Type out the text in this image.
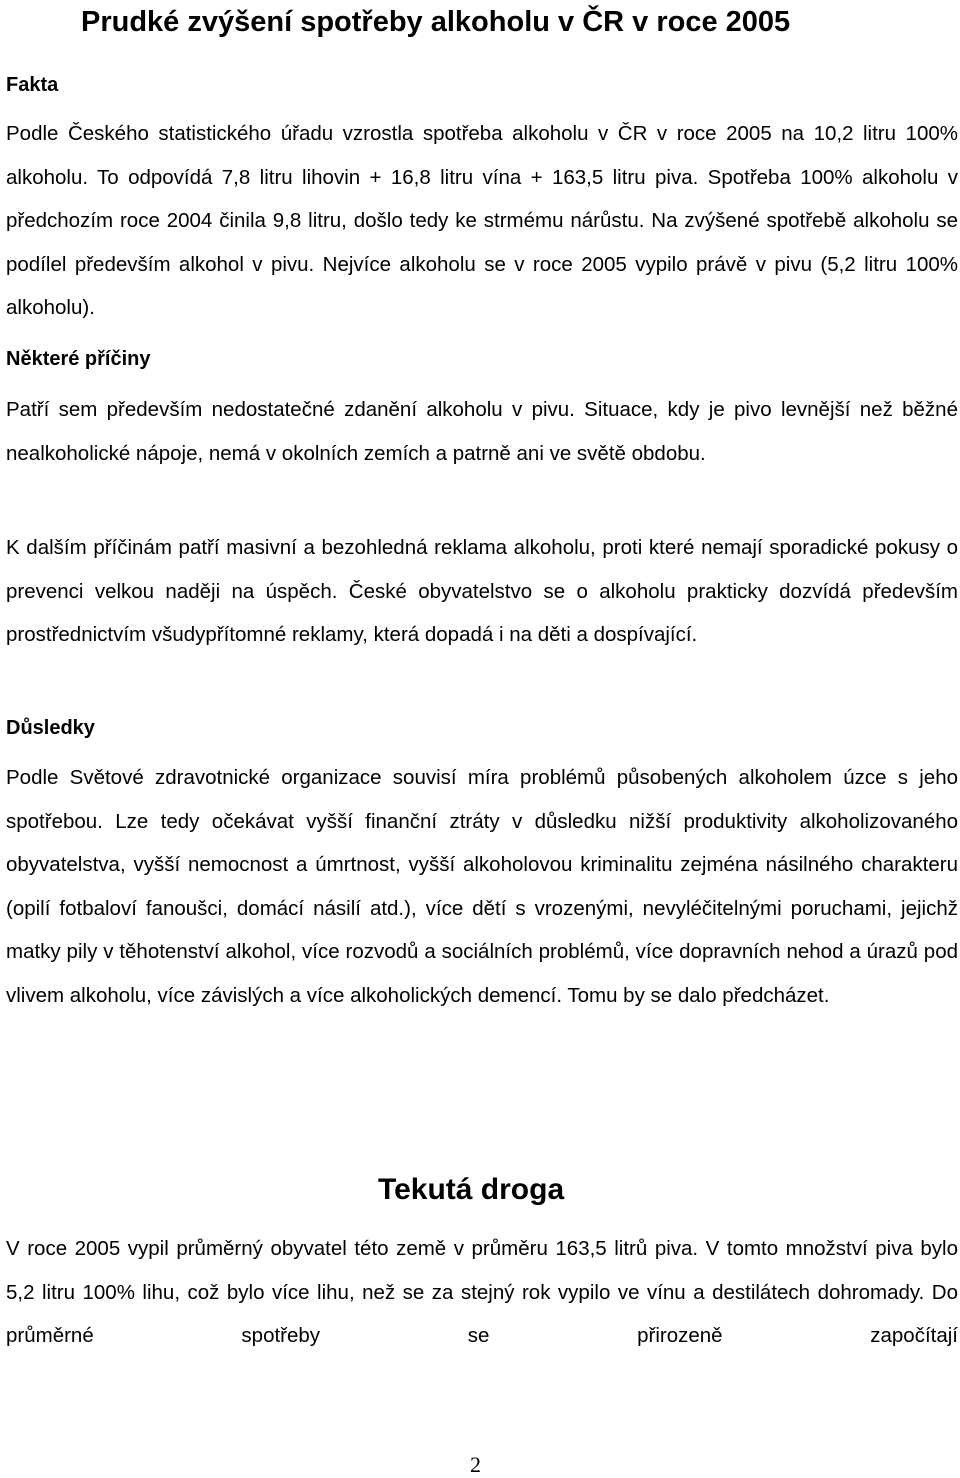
Prudké zvýšení spotřeby alkoholu v ČR v roce 2005
Fakta

Podle Českého statistického úřadu vzrostla spotřeba alkoholu v ČR v roce 2005 na 10,2 litru 100% alkoholu. To odpovídá 7,8 litru lihovin + 16,8 litru vína + 163,5 litru piva. Spotřeba 100% alkoholu v předchozím roce 2004 činila 9,8 litru, došlo tedy ke strmému nárůstu. Na zvýšené spotřebě alkoholu se podílel především alkohol v pivu. Nejvíce alkoholu se v roce 2005 vypilo právě v pivu (5,2 litru 100% alkoholu).

Některé příčiny

Patří sem především nedostatečné zdanění alkoholu v pivu. Situace, kdy je pivo levnější než běžné nealkoholické nápoje, nemá v okolních zemích a patrně ani ve světě obdobu.

K dalším příčinám patří masivní a bezohledná reklama alkoholu, proti které nemají sporadické pokusy o prevenci velkou naději na úspěch. České obyvatelstvo se o alkoholu prakticky dozvídá především prostřednictvím všudypřítomné reklamy, která dopadá i na děti a dospívající.

Důsledky

Podle Světové zdravotnické organizace souvisí míra problémů působených alkoholem úzce s jeho spotřebou. Lze tedy očekávat vyšší finanční ztráty v důsledku nižší produktivity alkoholizovaného obyvatelstva, vyšší nemocnost a úmrtnost, vyšší alkoholovou kriminalitu zejména násilného charakteru (opilí fotbaloví fanoušci, domácí násilí atd.), více dětí s vrozenými, nevyléčitelnými poruchami, jejichž matky pily v těhotenství alkohol, více rozvodů a sociálních problémů, více dopravních nehod a úrazů pod vlivem alkoholu, více závislých a více alkoholických demencí. Tomu by se dalo předcházet.

Tekutá droga

V roce 2005 vypil průměrný obyvatel této země v průměru 163,5 litrů piva. V tomto množství piva bylo 5,2 litru 100% lihu, což bylo více lihu, než se za stejný rok vypilo ve vínu a destilátech dohromady. Do průměrné spotřeby se přirozeně započítají

2
